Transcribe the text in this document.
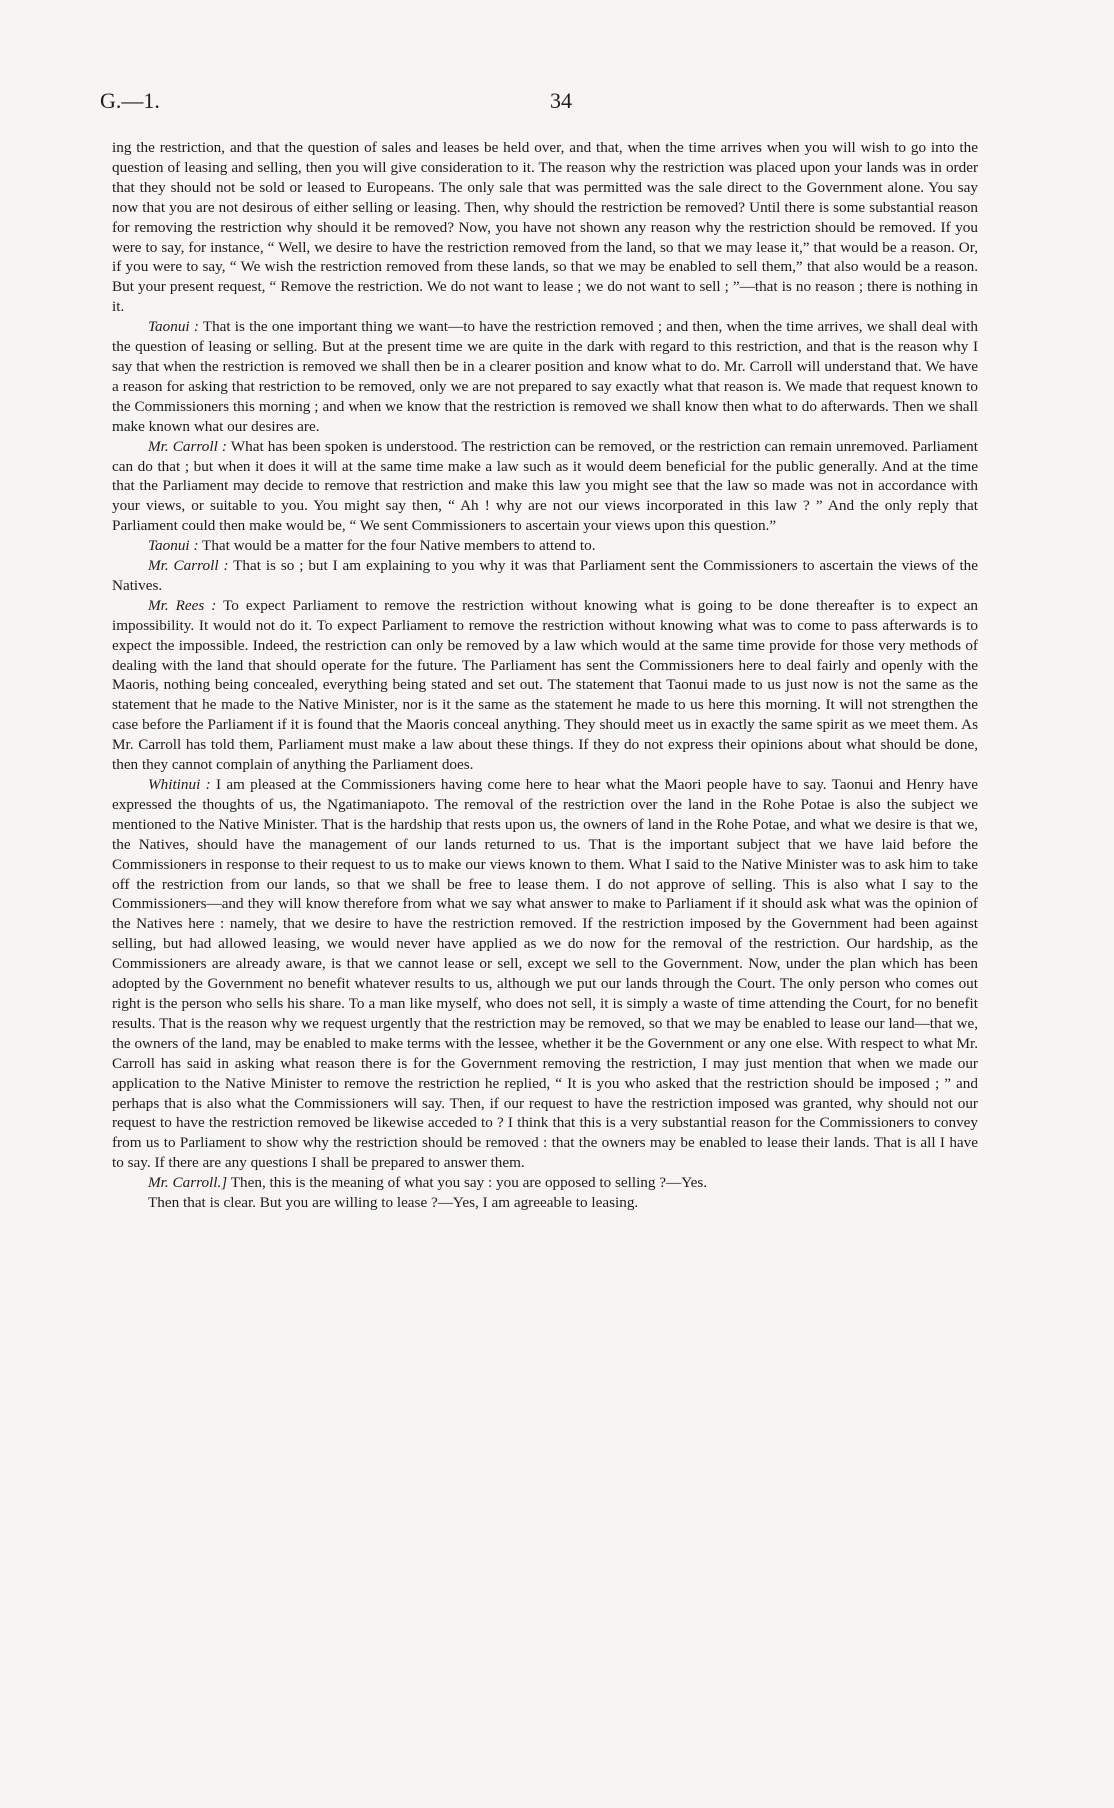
G.—1.	34

ing the restriction, and that the question of sales and leases be held over, and that, when the time arrives when you will wish to go into the question of leasing and selling, then you will give consideration to it. The reason why the restriction was placed upon your lands was in order that they should not be sold or leased to Europeans. The only sale that was permitted was the sale direct to the Government alone. You say now that you are not desirous of either selling or leasing. Then, why should the restriction be removed? Until there is some substantial reason for removing the restriction why should it be removed? Now, you have not shown any reason why the restriction should be removed. If you were to say, for instance, “ Well, we desire to have the restriction removed from the land, so that we may lease it,” that would be a reason. Or, if you were to say, “ We wish the restriction removed from these lands, so that we may be enabled to sell them,” that also would be a reason. But your present request, “ Remove the restriction. We do not want to lease ; we do not want to sell ; ”—that is no reason ; there is nothing in it.

Taonui : That is the one important thing we want—to have the restriction removed ; and then, when the time arrives, we shall deal with the question of leasing or selling. But at the present time we are quite in the dark with regard to this restriction, and that is the reason why I say that when the restriction is removed we shall then be in a clearer position and know what to do. Mr. Carroll will understand that. We have a reason for asking that restriction to be removed, only we are not prepared to say exactly what that reason is. We made that request known to the Commissioners this morning ; and when we know that the restriction is removed we shall know then what to do afterwards. Then we shall make known what our desires are.

Mr. Carroll : What has been spoken is understood. The restriction can be removed, or the restriction can remain unremoved. Parliament can do that ; but when it does it will at the same time make a law such as it would deem beneficial for the public generally. And at the time that the Parliament may decide to remove that restriction and make this law you might see that the law so made was not in accordance with your views, or suitable to you. You might say then, “ Ah ! why are not our views incorporated in this law ? ” And the only reply that Parliament could then make would be, “ We sent Commissioners to ascertain your views upon this question.”

Taonui : That would be a matter for the four Native members to attend to.

Mr. Carroll : That is so ; but I am explaining to you why it was that Parliament sent the Commissioners to ascertain the views of the Natives.

Mr. Rees : To expect Parliament to remove the restriction without knowing what is going to be done thereafter is to expect an impossibility. It would not do it. To expect Parliament to remove the restriction without knowing what was to come to pass afterwards is to expect the impossible. Indeed, the restriction can only be removed by a law which would at the same time provide for those very methods of dealing with the land that should operate for the future. The Parliament has sent the Commissioners here to deal fairly and openly with the Maoris, nothing being concealed, everything being stated and set out. The statement that Taonui made to us just now is not the same as the statement that he made to the Native Minister, nor is it the same as the statement he made to us here this morning. It will not strengthen the case before the Parliament if it is found that the Maoris conceal anything. They should meet us in exactly the same spirit as we meet them. As Mr. Carroll has told them, Parliament must make a law about these things. If they do not express their opinions about what should be done, then they cannot complain of anything the Parliament does.

Whitinui : I am pleased at the Commissioners having come here to hear what the Maori people have to say. Taonui and Henry have expressed the thoughts of us, the Ngatimaniapoto. The removal of the restriction over the land in the Rohe Potae is also the subject we mentioned to the Native Minister. That is the hardship that rests upon us, the owners of land in the Rohe Potae, and what we desire is that we, the Natives, should have the management of our lands returned to us. That is the important subject that we have laid before the Commissioners in response to their request to us to make our views known to them. What I said to the Native Minister was to ask him to take off the restriction from our lands, so that we shall be free to lease them. I do not approve of selling. This is also what I say to the Commissioners—and they will know therefore from what we say what answer to make to Parliament if it should ask what was the opinion of the Natives here : namely, that we desire to have the restriction removed. If the restriction imposed by the Government had been against selling, but had allowed leasing, we would never have applied as we do now for the removal of the restriction. Our hardship, as the Commissioners are already aware, is that we cannot lease or sell, except we sell to the Government. Now, under the plan which has been adopted by the Government no benefit whatever results to us, although we put our lands through the Court. The only person who comes out right is the person who sells his share. To a man like myself, who does not sell, it is simply a waste of time attending the Court, for no benefit results. That is the reason why we request urgently that the restriction may be removed, so that we may be enabled to lease our land—that we, the owners of the land, may be enabled to make terms with the lessee, whether it be the Government or any one else. With respect to what Mr. Carroll has said in asking what reason there is for the Government removing the restriction, I may just mention that when we made our application to the Native Minister to remove the restriction he replied, “ It is you who asked that the restriction should be imposed ; ” and perhaps that is also what the Commissioners will say. Then, if our request to have the restriction imposed was granted, why should not our request to have the restriction removed be likewise acceded to ? I think that this is a very substantial reason for the Commissioners to convey from us to Parliament to show why the restriction should be removed : that the owners may be enabled to lease their lands. That is all I have to say. If there are any questions I shall be prepared to answer them.

Mr. Carroll.] Then, this is the meaning of what you say : you are opposed to selling ?—Yes.

Then that is clear. But you are willing to lease ?—Yes, I am agreeable to leasing.
